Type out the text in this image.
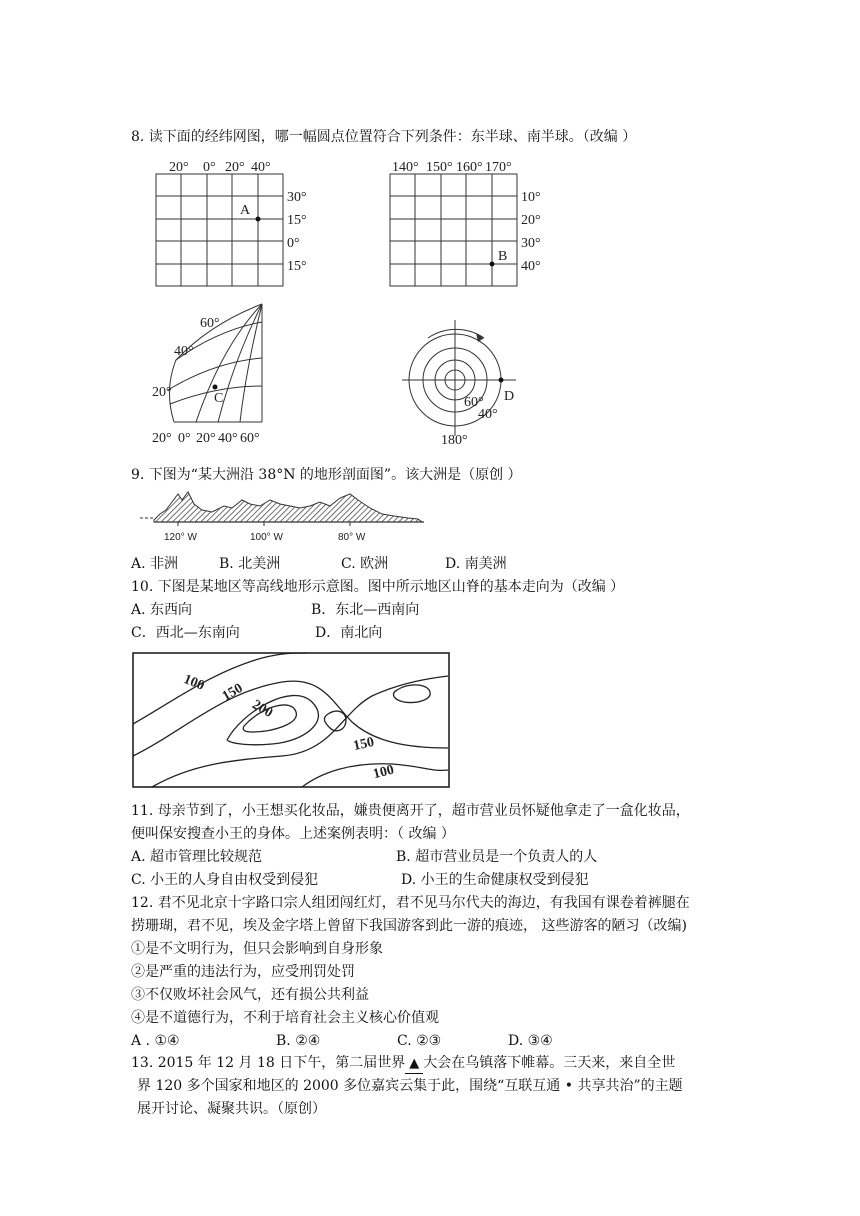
8. 读下面的经纬网图，哪一幅圆点位置符合下列条件：东半球、南半球。（改编 ）
20° 0° 20° 40°
30°
15°
0°
15°
A
140° 150° 160° 170°
10°
20°
30°
40°
B
60°
40°
20°
20° 0° 20° 40° 60°
C	D
60°
40°
180°
9. 下图为“某大洲沿 38°N 的地形剖面图”。该大洲是（原创 ）
120° W	100° W	80° W
A. 非洲	B. 北美洲	C. 欧洲	D. 南美洲
10. 下图是某地区等高线地形示意图。图中所示地区山脊的基本走向为（改编 ）
A. 东西向	B．东北—西南向
C．西北—东南向	D．南北向
100 150
200
150
100
11. 母亲节到了，小王想买化妆品，嫌贵便离开了，超市营业员怀疑他拿走了一盒化妆品，
便叫保安搜查小王的身体。上述案例表明：（ 改编 ）
A. 超市管理比较规范	B. 超市营业员是一个负责人的人
C. 小王的人身自由权受到侵犯	D. 小王的生命健康权受到侵犯
12. 君不见北京十字路口宗人组团闯红灯，君不见马尔代夫的海边，有我国有课卷着裤腿在
捞珊瑚，君不见，埃及金字塔上曾留下我国游客到此一游的痕迹， 这些游客的陋习（改编)
①是不文明行为，但只会影响到自身形象
②是严重的违法行为，应受刑罚处罚
③不仅败坏社会风气，还有损公共利益
④是不道德行为，不利于培育社会主义核心价值观
A . ①④	B. ②④	C. ②③	D. ③④
13. 2015 年 12 月 18 日下午，第二届世界 ▲ 大会在乌镇落下帷幕。三天来，来自全世
界 120 多个国家和地区的 2000 多位嘉宾云集于此，围绕“互联互通 • 共享共治”的主题
展开讨论、凝聚共识。（原创）
